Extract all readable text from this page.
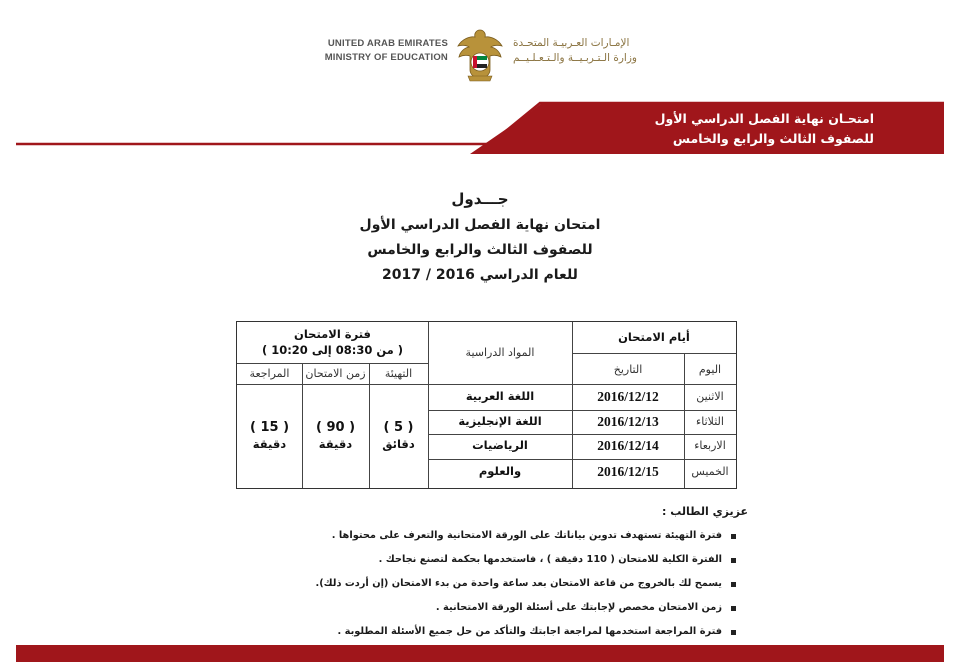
UNITED ARAB EMIRATES
MINISTRY OF EDUCATION
الإمـارات العـربيـة المتحـدة
وزارة الـتـربـيــة والـتـعـلـيــم
امتحـان نهاية الفصل الدراسي الأول
للصفوف الثالث والرابع والخامس
جـــدول
امتحان نهاية الفصل الدراسي الأول
للصفوف الثالث والرابع والخامس
للعام الدراسي 2016 / 2017
أيام الامتحان
اليوم
التاريخ
المواد الدراسية
فترة الامتحان
( من 08:30 إلى 10:20 )
التهيئة
زمن الامتحان
المراجعة
الاثنين
2016/12/12
اللغة العربية
الثلاثاء
2016/12/13
اللغة الإنجليزية
الاربعاء
2016/12/14
الرياضيات
الخميس
2016/12/15
والعلوم
( 5 )
دقائق
( 90 )
دقيقة
( 15 )
دقيقة
عزيزي الطالب :
فترة التهيئة تستهدف تدوين بياناتك على الورقة الامتحانية والتعرف على محتواها .
الفترة الكلية للامتحان ( 110 دقيقة ) ، فاستخدمها بحكمة لتصنع نجاحك .
يسمح لك بالخروج من قاعة الامتحان بعد ساعة واحدة من بدء الامتحان (إن أردت ذلك).
زمن الامتحان مخصص لإجابتك على أسئلة الورقة الامتحانية .
فترة المراجعة استخدمها لمراجعة اجابتك والتأكد من حل جميع الأسئلة المطلوبة .
